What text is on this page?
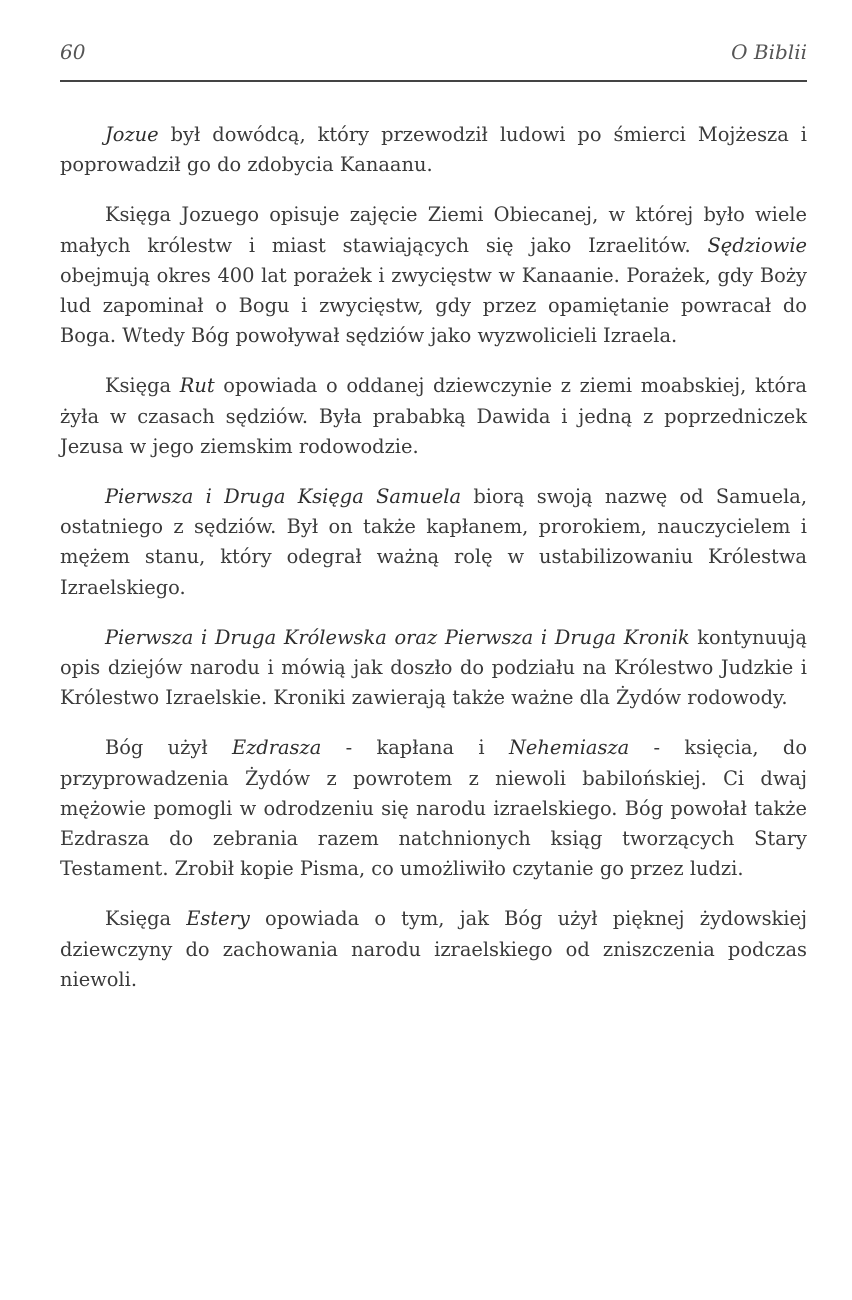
60	O Biblii

Jozue był dowódcą, który przewodził ludowi po śmierci Mojżesza i poprowadził go do zdobycia Kanaanu.

Księga Jozuego opisuje zajęcie Ziemi Obiecanej, w której było wiele małych królestw i miast stawiających się jako Izraelitów. Sędziowie obejmują okres 400 lat porażek i zwycięstw w Kanaanie. Porażek, gdy Boży lud zapominał o Bogu i zwycięstw, gdy przez opamiętanie powracał do Boga. Wtedy Bóg powoływał sędziów jako wyzwolicieli Izraela.

Księga Rut opowiada o oddanej dziewczynie z ziemi moabskiej, która żyła w czasach sędziów. Była prababką Dawida i jedną z poprzedniczek Jezusa w jego ziemskim rodowodzie.

Pierwsza i Druga Księga Samuela biorą swoją nazwę od Samuela, ostatniego z sędziów. Był on także kapłanem, prorokiem, nauczycielem i mężem stanu, który odegrał ważną rolę w ustabilizowaniu Królestwa Izraelskiego.

Pierwsza i Druga Królewska oraz Pierwsza i Druga Kronik kontynuują opis dziejów narodu i mówią jak doszło do podziału na Królestwo Judzkie i Królestwo Izraelskie. Kroniki zawierają także ważne dla Żydów rodowody.

Bóg użył Ezdrasza - kapłana i Nehemiasza - księcia, do przyprowadzenia Żydów z powrotem z niewoli babilońskiej. Ci dwaj mężowie pomogli w odrodzeniu się narodu izraelskiego. Bóg powołał także Ezdrasza do zebrania razem natchnionych ksiąg tworzących Stary Testament. Zrobił kopie Pisma, co umożliwiło czytanie go przez ludzi.

Księga Estery opowiada o tym, jak Bóg użył pięknej żydowskiej dziewczyny do zachowania narodu izraelskiego od zniszczenia podczas niewoli.
